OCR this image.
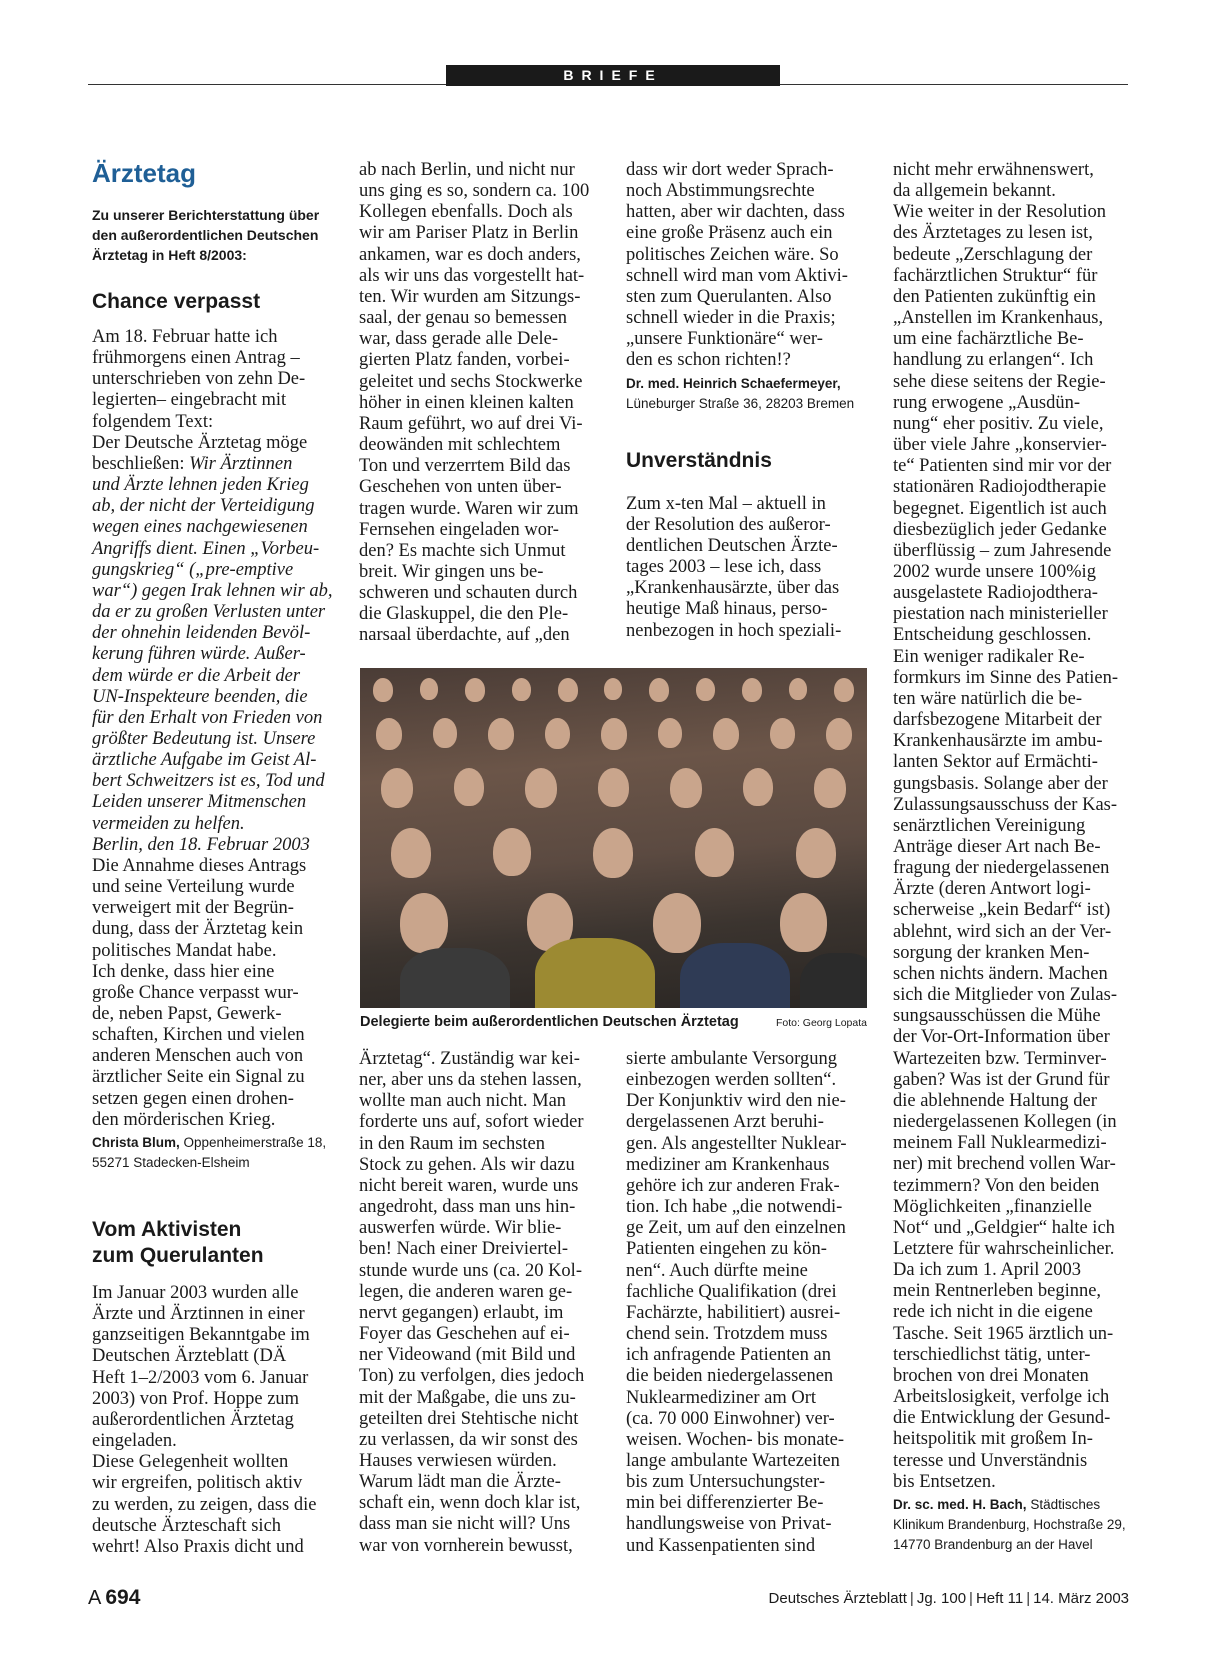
BRIEFE
Ärztetag

Zu unserer Berichterstattung über
den außerordentlichen Deutschen
Ärztetag in Heft 8/2003:

Chance verpasst

Am 18. Februar hatte ich
frühmorgens einen Antrag –
unterschrieben von zehn De-
legierten– eingebracht mit
folgendem Text:
Der Deutsche Ärztetag möge
beschließen: Wir Ärztinnen
und Ärzte lehnen jeden Krieg
ab, der nicht der Verteidigung
wegen eines nachgewiesenen
Angriffs dient. Einen „Vorbeu-
gungskrieg“ („pre-emptive
war“) gegen Irak lehnen wir ab,
da er zu großen Verlusten unter
der ohnehin leidenden Bevöl-
kerung führen würde. Außer-
dem würde er die Arbeit der
UN-Inspekteure beenden, die
für den Erhalt von Frieden von
größter Bedeutung ist. Unsere
ärztliche Aufgabe im Geist Al-
bert Schweitzers ist es, Tod und
Leiden unserer Mitmenschen
vermeiden zu helfen.
Berlin, den 18. Februar 2003

Die Annahme dieses Antrags
und seine Verteilung wurde
verweigert mit der Begrün-
dung, dass der Ärztetag kein
politisches Mandat habe.
Ich denke, dass hier eine
große Chance verpasst wur-
de, neben Papst, Gewerk-
schaften, Kirchen und vielen
anderen Menschen auch von
ärztlicher Seite ein Signal zu
setzen gegen einen drohen-
den mörderischen Krieg.

Christa Blum, Oppenheimerstraße 18,
55271 Stadecken-Elsheim

Vom Aktivisten
zum Querulanten

Im Januar 2003 wurden alle
Ärzte und Ärztinnen in einer
ganzseitigen Bekanntgabe im
Deutschen Ärzteblatt (DÄ
Heft 1–2/2003 vom 6. Januar
2003) von Prof. Hoppe zum
außerordentlichen Ärztetag
eingeladen.
Diese Gelegenheit wollten
wir ergreifen, politisch aktiv
zu werden, zu zeigen, dass die
deutsche Ärzteschaft sich
wehrt! Also Praxis dicht und

ab nach Berlin, und nicht nur
uns ging es so, sondern ca. 100
Kollegen ebenfalls. Doch als
wir am Pariser Platz in Berlin
ankamen, war es doch anders,
als wir uns das vorgestellt hat-
ten. Wir wurden am Sitzungs-
saal, der genau so bemessen
war, dass gerade alle Dele-
gierten Platz fanden, vorbei-
geleitet und sechs Stockwerke
höher in einen kleinen kalten
Raum geführt, wo auf drei Vi-
deowänden mit schlechtem
Ton und verzerrtem Bild das
Geschehen von unten über-
tragen wurde. Waren wir zum
Fernsehen eingeladen wor-
den? Es machte sich Unmut
breit. Wir gingen uns be-
schweren und schauten durch
die Glaskuppel, die den Ple-
narsaal überdachte, auf „den

dass wir dort weder Sprach-
noch Abstimmungsrechte
hatten, aber wir dachten, dass
eine große Präsenz auch ein
politisches Zeichen wäre. So
schnell wird man vom Aktivi-
sten zum Querulanten. Also
schnell wieder in die Praxis;
„unsere Funktionäre“ wer-
den es schon richten!?

Dr. med. Heinrich Schaefermeyer,
Lüneburger Straße 36, 28203 Bremen

Unverständnis

Zum x-ten Mal – aktuell in
der Resolution des außeror-
dentlichen Deutschen Ärzte-
tages 2003 – lese ich, dass
„Krankenhausärzte, über das
heutige Maß hinaus, perso-
nenbezogen in hoch speziali-

Delegierte beim außerordentlichen Deutschen Ärztetag	Foto: Georg Lopata

Ärztetag“. Zuständig war kei-
ner, aber uns da stehen lassen,
wollte man auch nicht. Man
forderte uns auf, sofort wieder
in den Raum im sechsten
Stock zu gehen. Als wir dazu
nicht bereit waren, wurde uns
angedroht, dass man uns hin-
auswerfen würde. Wir blie-
ben! Nach einer Dreiviertel-
stunde wurde uns (ca. 20 Kol-
legen, die anderen waren ge-
nervt gegangen) erlaubt, im
Foyer das Geschehen auf ei-
ner Videowand (mit Bild und
Ton) zu verfolgen, dies jedoch
mit der Maßgabe, die uns zu-
geteilten drei Stehtische nicht
zu verlassen, da wir sonst des
Hauses verwiesen würden.
Warum lädt man die Ärzte-
schaft ein, wenn doch klar ist,
dass man sie nicht will? Uns
war von vornherein bewusst,

sierte ambulante Versorgung
einbezogen werden sollten“.
Der Konjunktiv wird den nie-
dergelassenen Arzt beruhi-
gen. Als angestellter Nuklear-
mediziner am Krankenhaus
gehöre ich zur anderen Frak-
tion. Ich habe „die notwendi-
ge Zeit, um auf den einzelnen
Patienten eingehen zu kön-
nen“. Auch dürfte meine
fachliche Qualifikation (drei
Fachärzte, habilitiert) ausrei-
chend sein. Trotzdem muss
ich anfragende Patienten an
die beiden niedergelassenen
Nuklearmediziner am Ort
(ca. 70 000 Einwohner) ver-
weisen. Wochen- bis monate-
lange ambulante Wartezeiten
bis zum Untersuchungster-
min bei differenzierter Be-
handlungsweise von Privat-
und Kassenpatienten sind

nicht mehr erwähnenswert,
da allgemein bekannt.
Wie weiter in der Resolution
des Ärztetages zu lesen ist,
bedeute „Zerschlagung der
fachärztlichen Struktur“ für
den Patienten zukünftig ein
„Anstellen im Krankenhaus,
um eine fachärztliche Be-
handlung zu erlangen“. Ich
sehe diese seitens der Regie-
rung erwogene „Ausdün-
nung“ eher positiv. Zu viele,
über viele Jahre „konservier-
te“ Patienten sind mir vor der
stationären Radiojodtherapie
begegnet. Eigentlich ist auch
diesbezüglich jeder Gedanke
überflüssig – zum Jahresende
2002 wurde unsere 100%ig
ausgelastete Radiojodthera-
piestation nach ministerieller
Entscheidung geschlossen.
Ein weniger radikaler Re-
formkurs im Sinne des Patien-
ten wäre natürlich die be-
darfsbezogene Mitarbeit der
Krankenhausärzte im ambu-
lanten Sektor auf Ermächti-
gungsbasis. Solange aber der
Zulassungsausschuss der Kas-
senärztlichen Vereinigung
Anträge dieser Art nach Be-
fragung der niedergelassenen
Ärzte (deren Antwort logi-
scherweise „kein Bedarf“ ist)
ablehnt, wird sich an der Ver-
sorgung der kranken Men-
schen nichts ändern. Machen
sich die Mitglieder von Zulas-
sungsausschüssen die Mühe
der Vor-Ort-Information über
Wartezeiten bzw. Terminver-
gaben? Was ist der Grund für
die ablehnende Haltung der
niedergelassenen Kollegen (in
meinem Fall Nuklearmedizi-
ner) mit brechend vollen War-
tezimmern? Von den beiden
Möglichkeiten „finanzielle
Not“ und „Geldgier“ halte ich
Letztere für wahrscheinlicher.
Da ich zum 1. April 2003
mein Rentnerleben beginne,
rede ich nicht in die eigene
Tasche. Seit 1965 ärztlich un-
terschiedlichst tätig, unter-
brochen von drei Monaten
Arbeitslosigkeit, verfolge ich
die Entwicklung der Gesund-
heitspolitik mit großem In-
teresse und Unverständnis
bis Entsetzen.

Dr. sc. med. H. Bach, Städtisches
Klinikum Brandenburg, Hochstraße 29,
14770 Brandenburg an der Havel

A  694	Deutsches Ärzteblatt | Jg. 100 | Heft 11 | 14. März 2003
